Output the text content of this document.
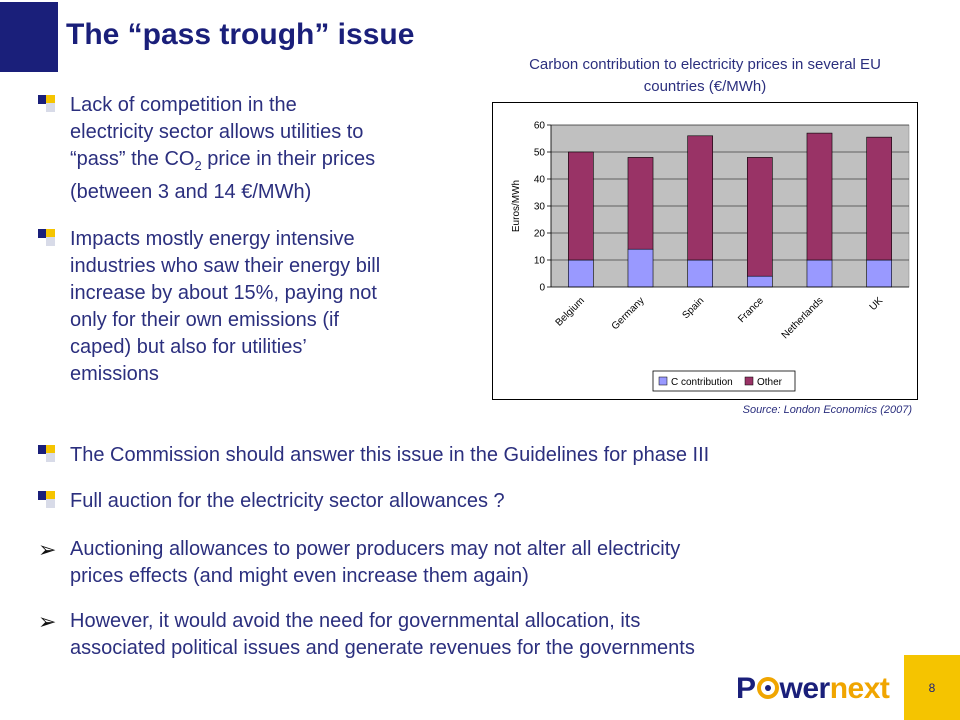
The “pass trough” issue
Lack of competition in the
electricity sector allows utilities to
“pass” the $CO_2$ price in their prices
(between 3 and 14 €/MWh)
Impacts mostly energy intensive
industries who saw their energy bill
increase by about 15%, paying not
only for their own emissions (if
caped) but also for utilities’
emissions
Carbon contribution to electricity prices in several EU
countries (€/MWh)
0
10
20
30
40
50
60
Belgium Germany	Spain	France Netherlands	UK
Euros/MWh
C contribution Other
Source: London Economics (2007)
The Commission should answer this issue in the Guidelines for phase III
Full auction for the electricity sector allowances ?
➢ Auctioning allowances to power producers may not alter all electricity
prices effects (and might even increase them again)
➢ However, it would avoid the need for governmental allocation, its
associated political issues and generate revenues for the governments
P wernext	8
